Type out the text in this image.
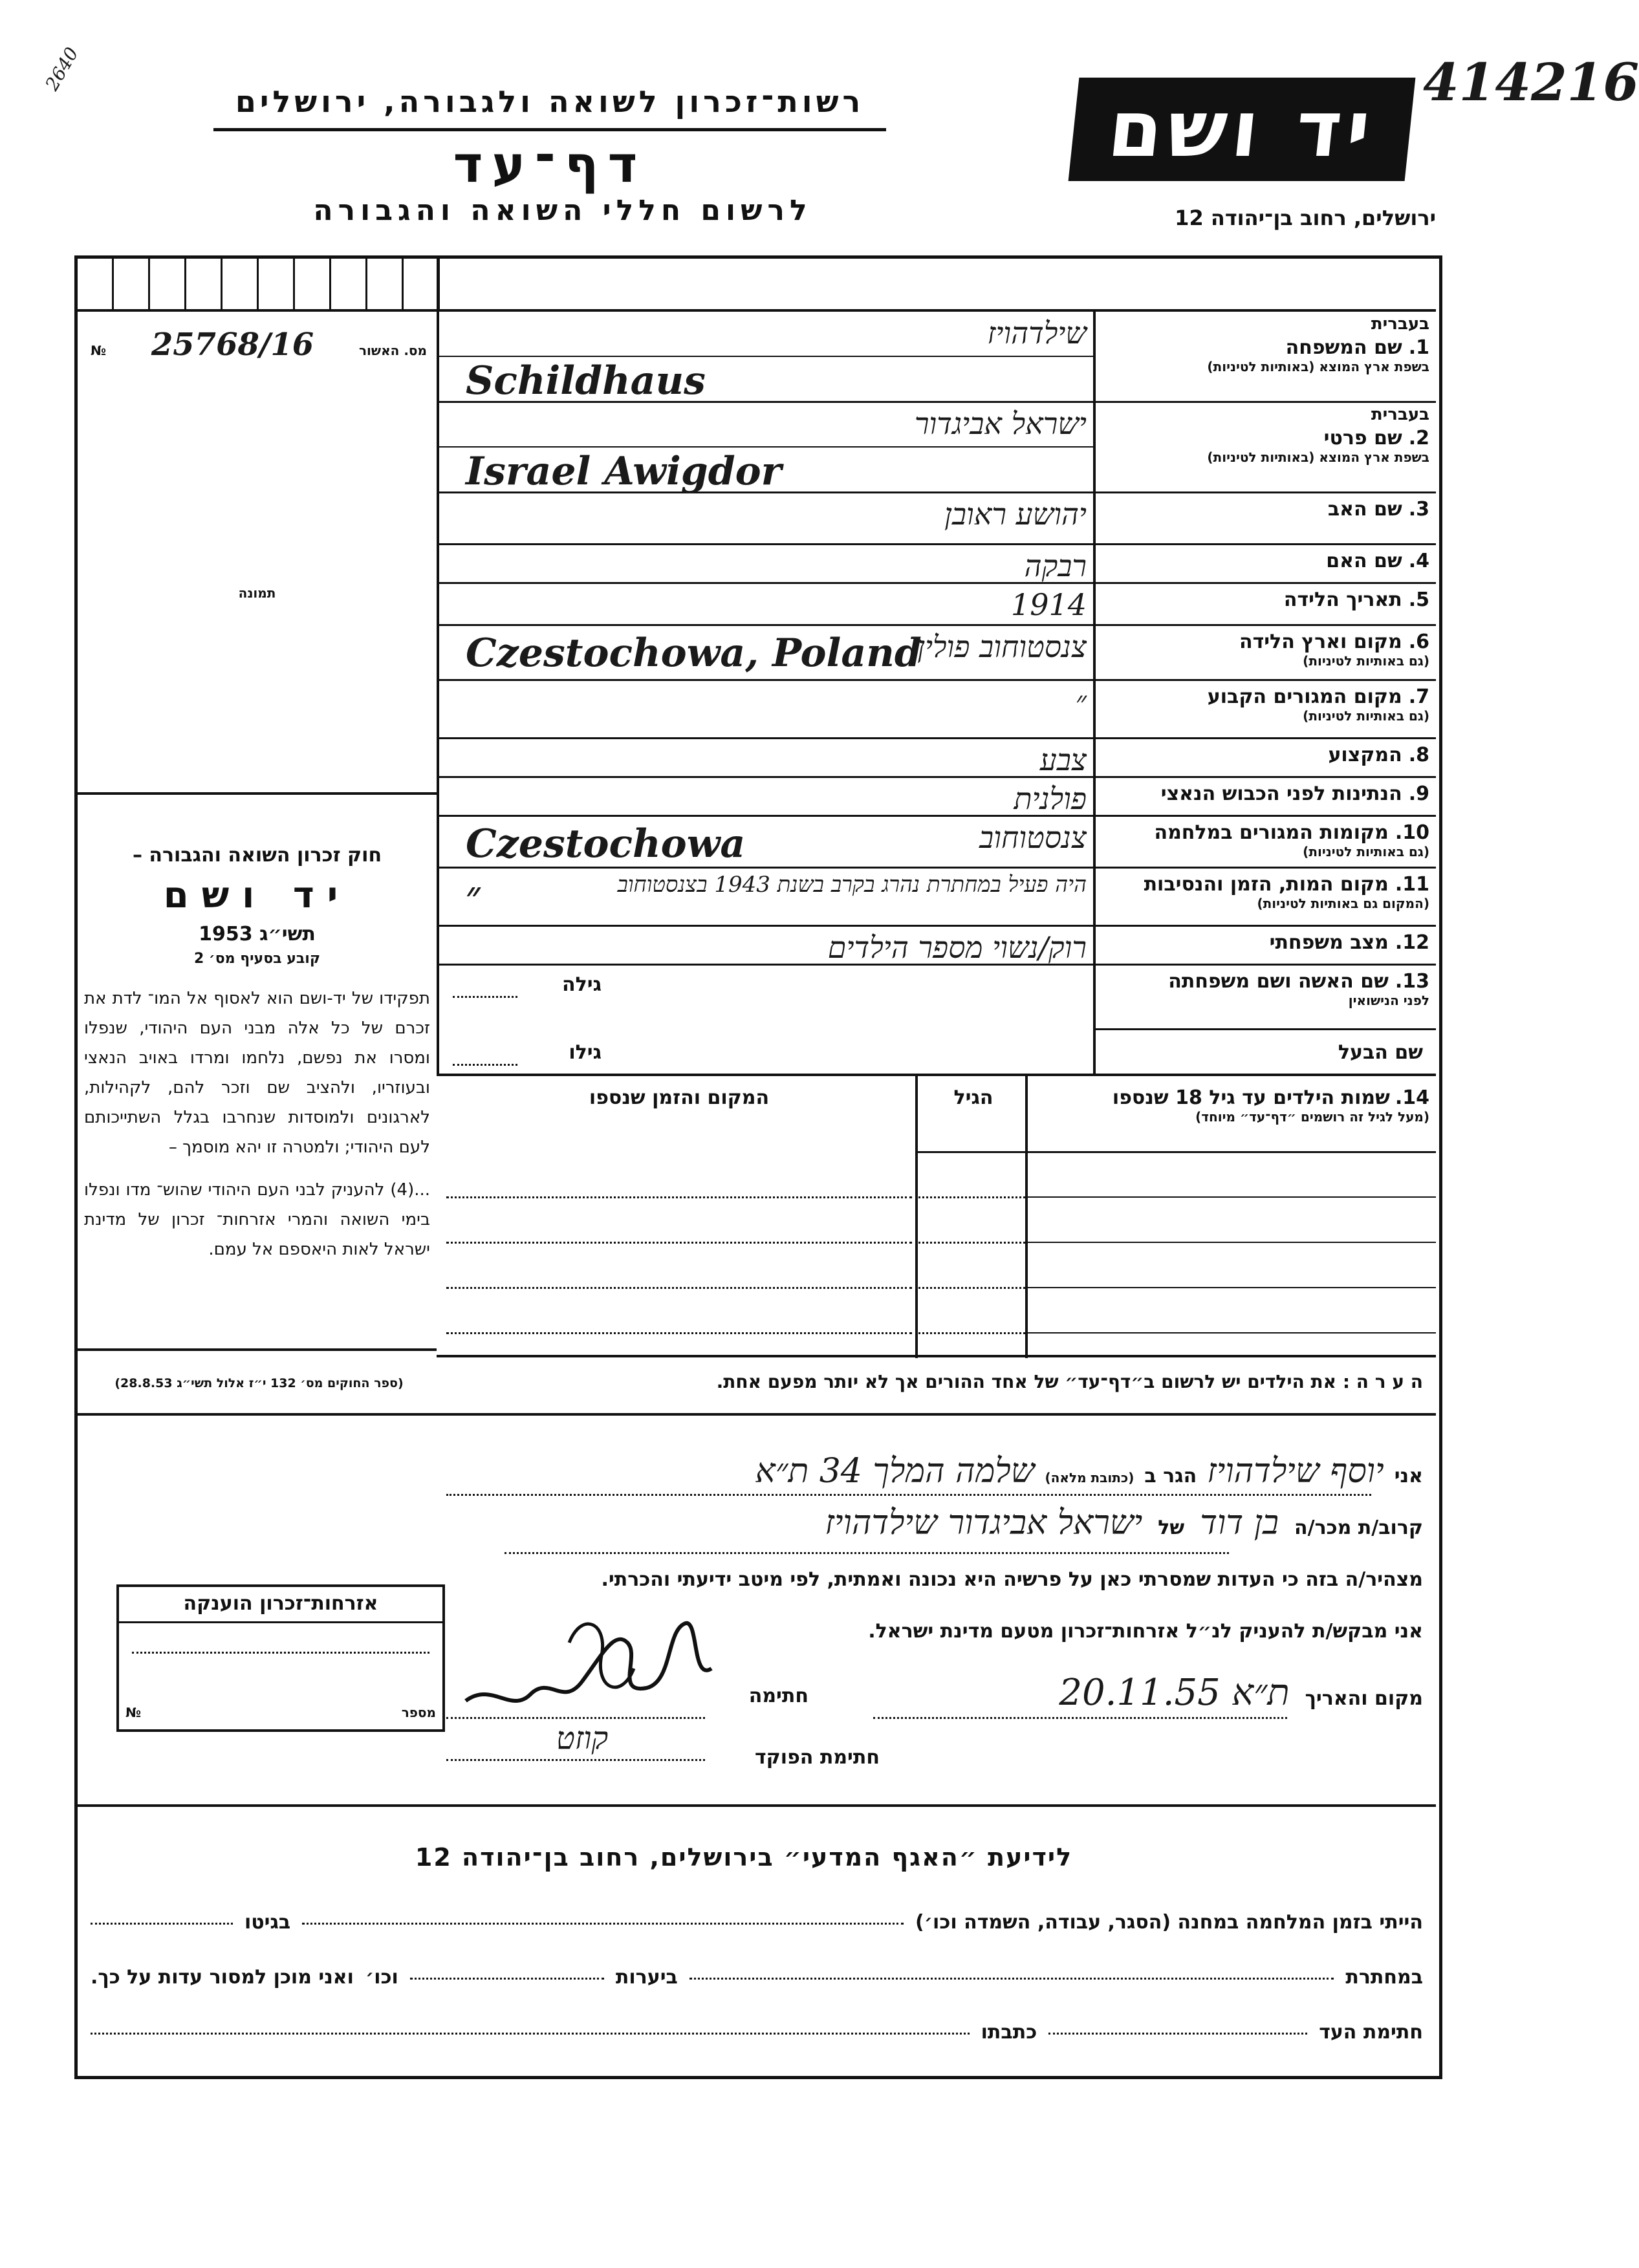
2640	414216
רשות־זכרון לשואה ולגבורה, ירושלים
דף־עד
לרשום חללי השואה והגבורה
יד ושם
ירושלים, רחוב בן־יהודה 12
מס. האשור
25768/16
№
תמונה
חוק זכרון השואה והגבורה –
יד ושם
תשי״ג 1953
קובע בסעיף מס׳ 2
תפקידו של יד-ושם הוא לאסוף אל המו־ לדת את זכרם של כל אלה מבני העם היהודי, שנפלו ומסרו את נפשם, נלחמו ומרדו באויב הנאצי ובעוזריו, ולהציב שם וזכר להם, לקהילות, לארגונים ולמוסדות שנחרבו בגלל השתייכותם לעם היהודי; ולמטרה זו יהא מוסמך –
...(4) להעניק לבני העם היהודי שהוש־ מדו ונפלו בימי השואה והמרי אזרחות־ זכרון של מדינת ישראל לאות היאספם אל עמם.
(ספר החוקים מס׳ 132 י״ז אלול תשי״ג 28.8.53)
בעברית
1.שם המשפחה
בשפת ארץ המוצא (באותיות לטיניות)
שילדהויז
Schildhaus
בעברית
2.שם פרטי
בשפת ארץ המוצא (באותיות לטיניות)
ישראל אביגדור
Israel Awigdor
3.שם האב
יהושע ראובן
4.שם האם
רבקה
5.תאריך הלידה
1914
6.מקום וארץ הלידה
(גם באותיות לטיניות)
צנסטוחוב פולין
Czestochowa, Poland
7.מקום המגורים הקבוע
(גם באותיות לטיניות)
״
8.המקצוע
צבע
9.הנתינות לפני הכבוש הנאצי
פולנית
10.מקומות המגורים במלחמה
(גם באותיות לטיניות)
צנסטוחוב
Czestochowa
11.מקום המות, הזמן והנסיבות
(המקום גם באותיות לטיניות)
היה פעיל במחתרת נהרג בקרב בשנת 1943 בצנסטוחוב
״
12.מצב משפחתי
רוק/נשוי מספר הילדים
13.שם האשה ושם משפחתה
לפני הנישואין
גילה
שם הבעל
גילו
14.שמות הילדים עד גיל 18 שנספו
(מעל לגיל זה רושמים ״דף־עד״ מיוחד)
הגיל
המקום והזמן שנספו
ה ע ר ה : את הילדים יש לרשום ב״דף־עד״ של אחד ההורים אך לא יותר מפעם אחת.
אני
יוסף שילדהויז
הגר ב
(כתובת מלאה)
שלמה המלך 34 ת״א
קרוב/ת מכר/ה
בן דוד
של
ישראל אביגדור שילדהויז
מצהיר/ה בזה כי העדות שמסרתי כאן על פרשיה היא נכונה ואמתית, לפי מיטב ידיעתי והכרתי.
אני מבקש/ת להעניק לנ״ל אזרחות־זכרון מטעם מדינת ישראל.
מקום והאריך
ת״א 20.11.55
חתימה
קוזט
חתימת הפוקד
אזרחות־זכרון הוענקה
מספר
№
לידיעת ״האגף המדעי״ בירושלים, רחוב בן־יהודה 12
הייתי בזמן המלחמה במחנה (הסגר, עבודה, השמדה וכו׳)
בגיטו
במחתרת
ביערות
וכו׳
ואני מוכן למסור עדות על כך.
חתימת העד
כתבתו
